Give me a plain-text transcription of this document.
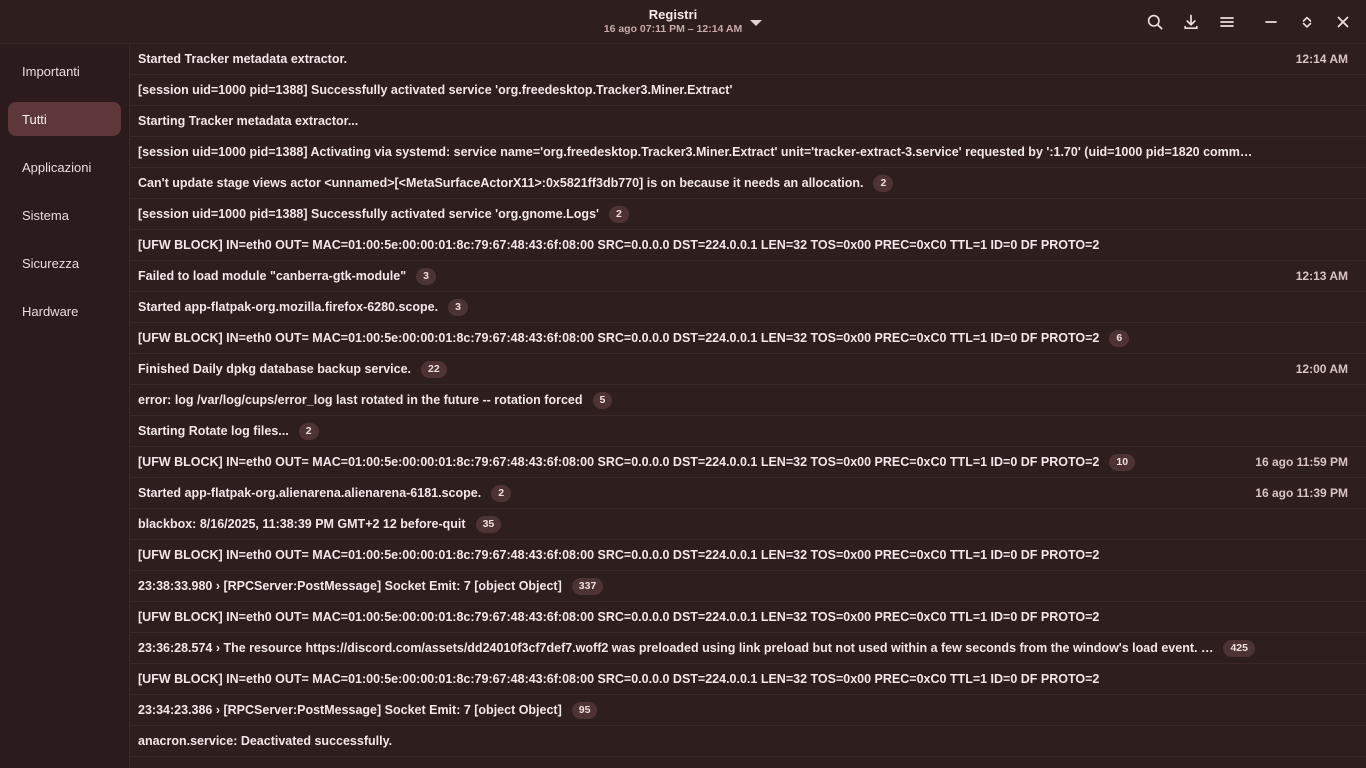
Registri
16 ago 07:11 PM – 12:14 AM
Importanti
Tutti
Applicazioni
Sistema
Sicurezza
Hardware
Started Tracker metadata extractor.	12:14 AM
[session uid=1000 pid=1388] Successfully activated service 'org.freedesktop.Tracker3.Miner.Extract'
Starting Tracker metadata extractor...
[session uid=1000 pid=1388] Activating via systemd: service name='org.freedesktop.Tracker3.Miner.Extract' unit='tracker-extract-3.service' requested by ':1.70' (uid=1000 pid=1820 comm…
Can't update stage views actor <unnamed>[<MetaSurfaceActorX11>:0x5821ff3db770] is on because it needs an allocation.	2
[session uid=1000 pid=1388] Successfully activated service 'org.gnome.Logs'	2
[UFW BLOCK] IN=eth0 OUT= MAC=01:00:5e:00:00:01:8c:79:67:48:43:6f:08:00 SRC=0.0.0.0 DST=224.0.0.1 LEN=32 TOS=0x00 PREC=0xC0 TTL=1 ID=0 DF PROTO=2
Failed to load module "canberra-gtk-module"	3	12:13 AM
Started app-flatpak-org.mozilla.firefox-6280.scope.	3
[UFW BLOCK] IN=eth0 OUT= MAC=01:00:5e:00:00:01:8c:79:67:48:43:6f:08:00 SRC=0.0.0.0 DST=224.0.0.1 LEN=32 TOS=0x00 PREC=0xC0 TTL=1 ID=0 DF PROTO=2	6
Finished Daily dpkg database backup service.	22	12:00 AM
error: log /var/log/cups/error_log last rotated in the future -- rotation forced	5
Starting Rotate log files...	2
[UFW BLOCK] IN=eth0 OUT= MAC=01:00:5e:00:00:01:8c:79:67:48:43:6f:08:00 SRC=0.0.0.0 DST=224.0.0.1 LEN=32 TOS=0x00 PREC=0xC0 TTL=1 ID=0 DF PROTO=2	10	16 ago 11:59 PM
Started app-flatpak-org.alienarena.alienarena-6181.scope.	2	16 ago 11:39 PM
blackbox: 8/16/2025, 11:38:39 PM GMT+2 12 before-quit	35
[UFW BLOCK] IN=eth0 OUT= MAC=01:00:5e:00:00:01:8c:79:67:48:43:6f:08:00 SRC=0.0.0.0 DST=224.0.0.1 LEN=32 TOS=0x00 PREC=0xC0 TTL=1 ID=0 DF PROTO=2
23:38:33.980 › [RPCServer:PostMessage] Socket Emit: 7 [object Object]	337
[UFW BLOCK] IN=eth0 OUT= MAC=01:00:5e:00:00:01:8c:79:67:48:43:6f:08:00 SRC=0.0.0.0 DST=224.0.0.1 LEN=32 TOS=0x00 PREC=0xC0 TTL=1 ID=0 DF PROTO=2
23:36:28.574 › The resource https://discord.com/assets/dd24010f3cf7def7.woff2 was preloaded using link preload but not used within a few seconds from the window's load event. …	425
[UFW BLOCK] IN=eth0 OUT= MAC=01:00:5e:00:00:01:8c:79:67:48:43:6f:08:00 SRC=0.0.0.0 DST=224.0.0.1 LEN=32 TOS=0x00 PREC=0xC0 TTL=1 ID=0 DF PROTO=2
23:34:23.386 › [RPCServer:PostMessage] Socket Emit: 7 [object Object]	95
anacron.service: Deactivated successfully.
